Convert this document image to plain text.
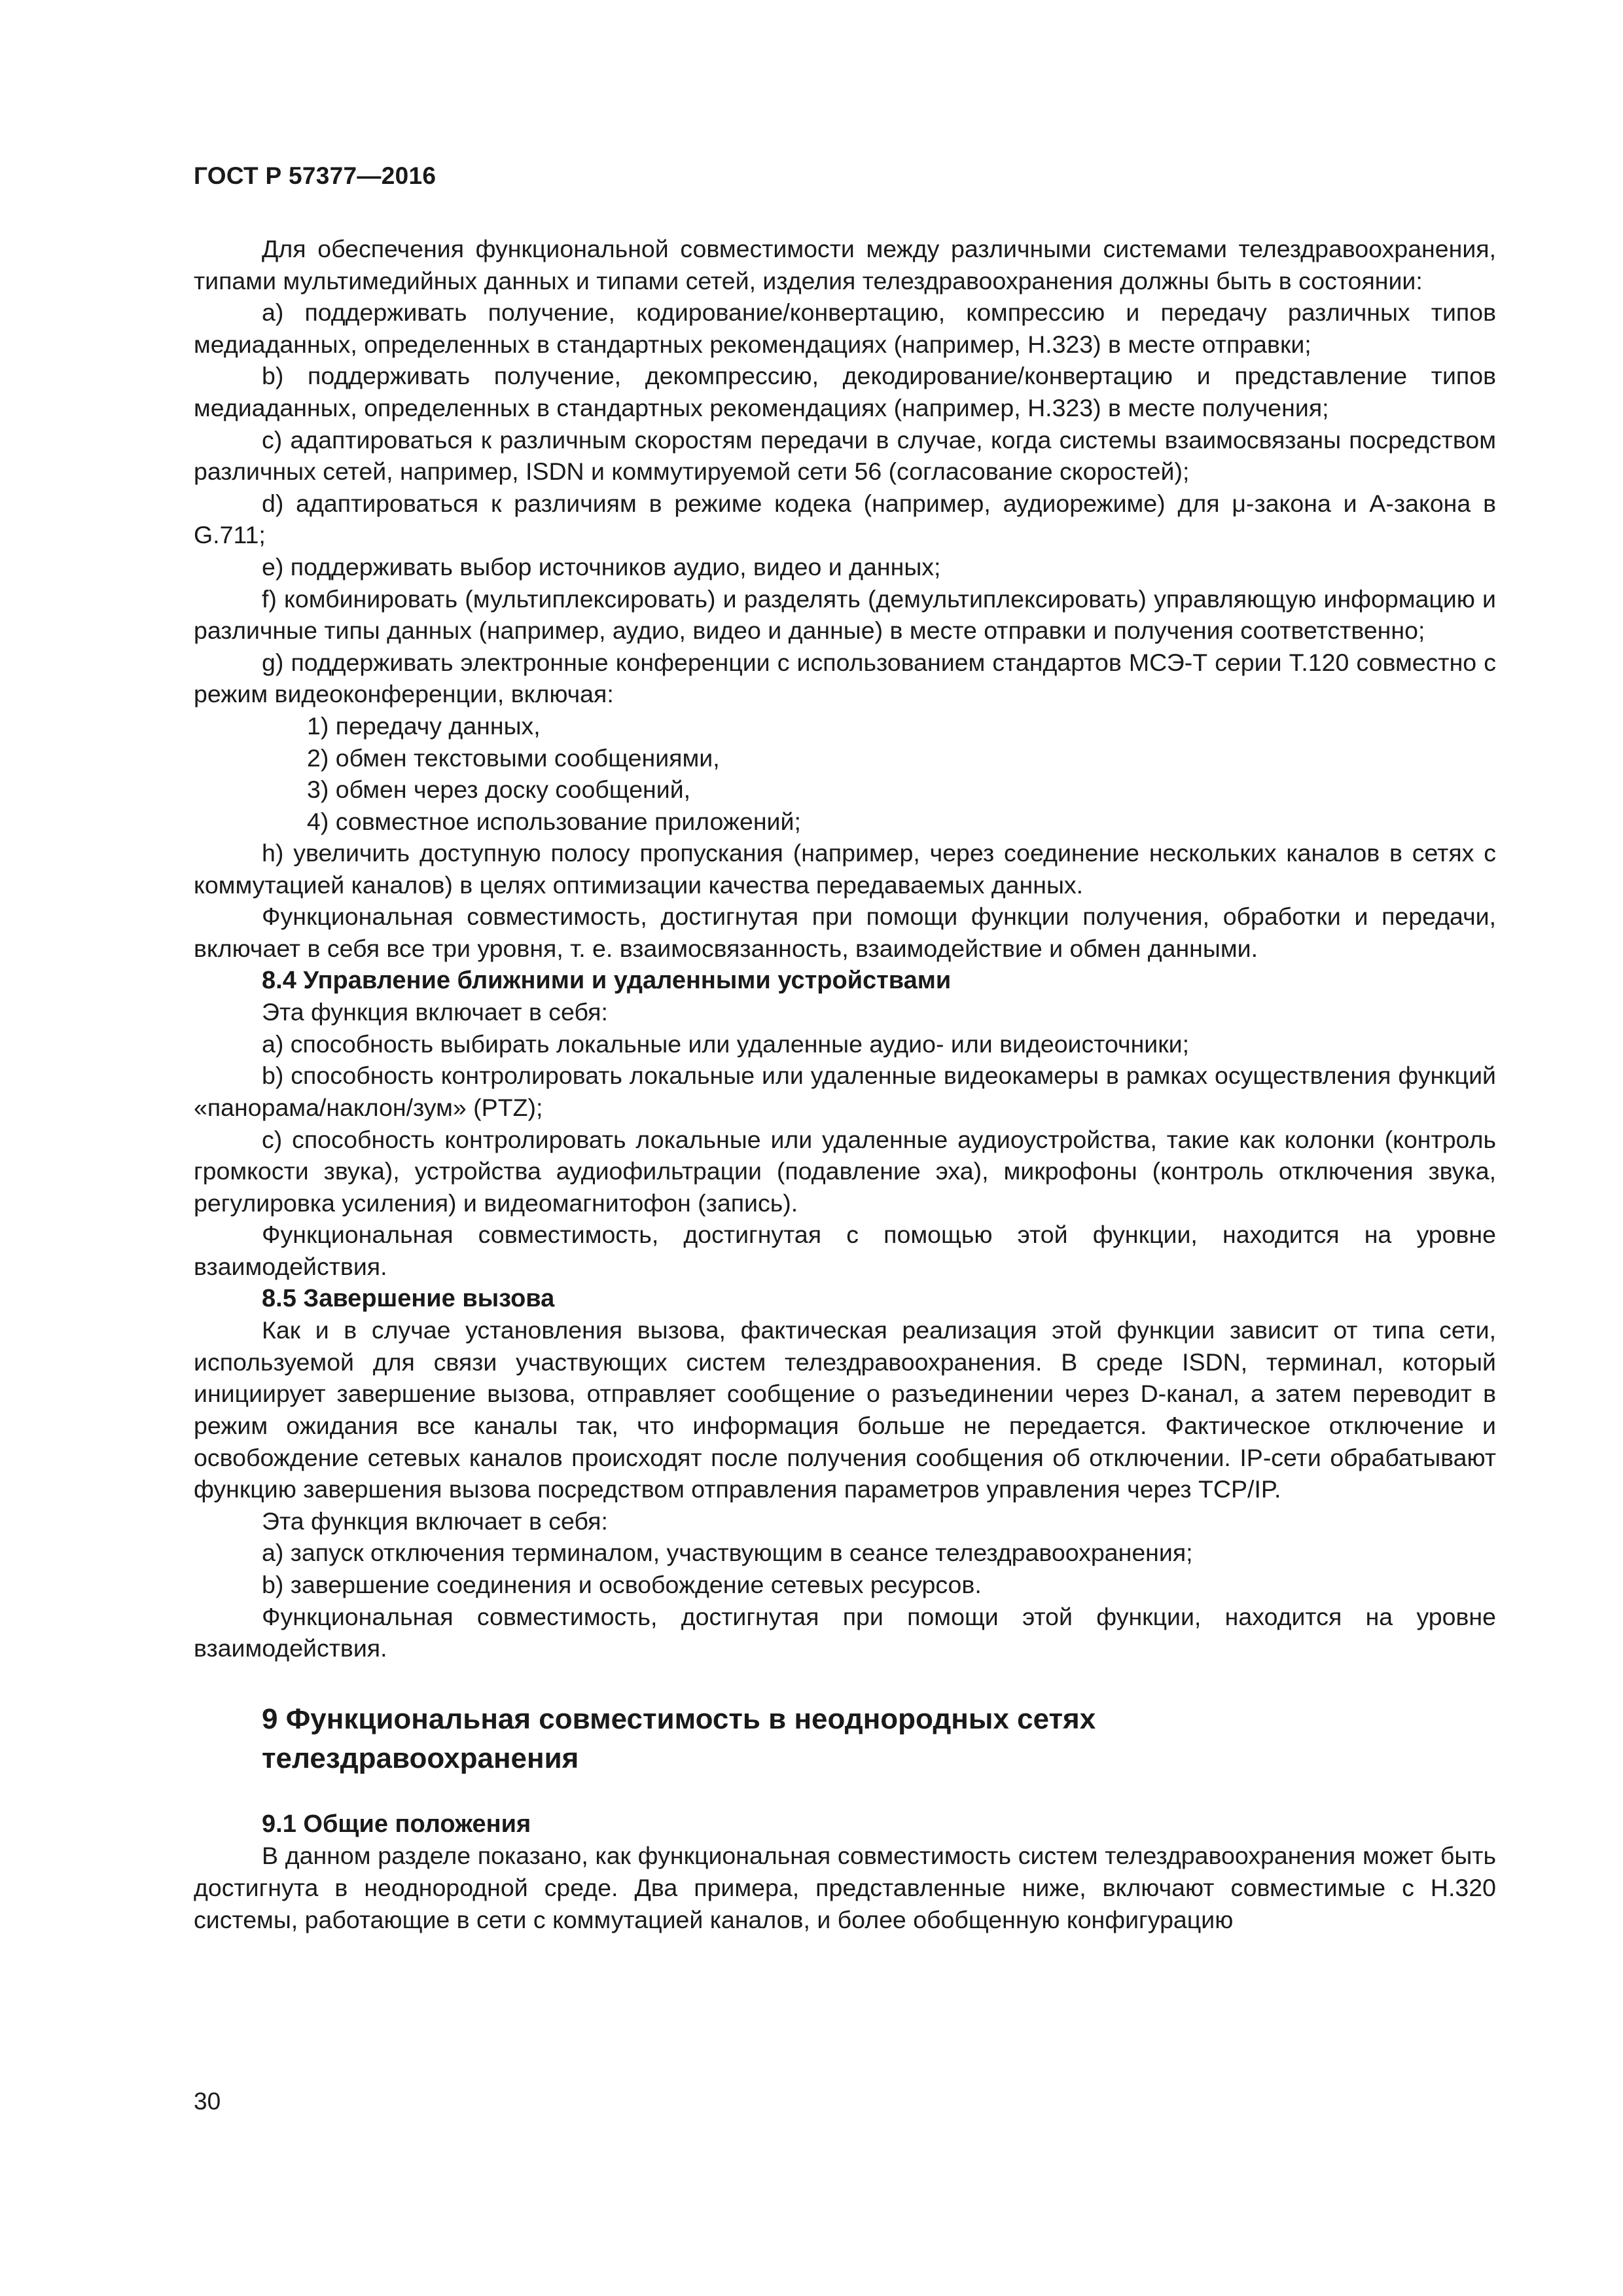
ГОСТ Р 57377—2016

Для обеспечения функциональной совместимости между различными системами телездравоохранения, типами мультимедийных данных и типами сетей, изделия телездравоохранения должны быть в состоянии:

a) поддерживать получение, кодирование/конвертацию, компрессию и передачу различных типов медиаданных, определенных в стандартных рекомендациях (например, H.323) в месте отправки;

b) поддерживать получение, декомпрессию, декодирование/конвертацию и представление типов медиаданных, определенных в стандартных рекомендациях (например, H.323) в месте получения;

c) адаптироваться к различным скоростям передачи в случае, когда системы взаимосвязаны посредством различных сетей, например, ISDN и коммутируемой сети 56 (согласование скоростей);

d) адаптироваться к различиям в режиме кодека (например, аудиорежиме) для μ-закона и A-закона в G.711;

e) поддерживать выбор источников аудио, видео и данных;

f) комбинировать (мультиплексировать) и разделять (демультиплексировать) управляющую информацию и различные типы данных (например, аудио, видео и данные) в месте отправки и получения соответственно;

g) поддерживать электронные конференции с использованием стандартов МСЭ-Т серии T.120 совместно с режим видеоконференции, включая:

1) передачу данных,

2) обмен текстовыми сообщениями,

3) обмен через доску сообщений,

4) совместное использование приложений;

h) увеличить доступную полосу пропускания (например, через соединение нескольких каналов в сетях с коммутацией каналов) в целях оптимизации качества передаваемых данных.

Функциональная совместимость, достигнутая при помощи функции получения, обработки и передачи, включает в себя все три уровня, т. е. взаимосвязанность, взаимодействие и обмен данными.

8.4 Управление ближними и удаленными устройствами

Эта функция включает в себя:

a) способность выбирать локальные или удаленные аудио- или видеоисточники;

b) способность контролировать локальные или удаленные видеокамеры в рамках осуществления функций «панорама/наклон/зум» (PTZ);

c) способность контролировать локальные или удаленные аудиоустройства, такие как колонки (контроль громкости звука), устройства аудиофильтрации (подавление эха), микрофоны (контроль отключения звука, регулировка усиления) и видеомагнитофон (запись).

Функциональная совместимость, достигнутая с помощью этой функции, находится на уровне взаимодействия.

8.5 Завершение вызова

Как и в случае установления вызова, фактическая реализация этой функции зависит от типа сети, используемой для связи участвующих систем телездравоохранения. В среде ISDN, терминал, который инициирует завершение вызова, отправляет сообщение о разъединении через D-канал, а затем переводит в режим ожидания все каналы так, что информация больше не передается. Фактическое отключение и освобождение сетевых каналов происходят после получения сообщения об отключении. IP-сети обрабатывают функцию завершения вызова посредством отправления параметров управления через TCP/IP.

Эта функция включает в себя:

a) запуск отключения терминалом, участвующим в сеансе телездравоохранения;

b) завершение соединения и освобождение сетевых ресурсов.

Функциональная совместимость, достигнутая при помощи этой функции, находится на уровне взаимодействия.

9 Функциональная совместимость в неоднородных сетях телездравоохранения

9.1 Общие положения

В данном разделе показано, как функциональная совместимость систем телездравоохранения может быть достигнута в неоднородной среде. Два примера, представленные ниже, включают совместимые с H.320 системы, работающие в сети с коммутацией каналов, и более обобщенную конфигурацию

30
